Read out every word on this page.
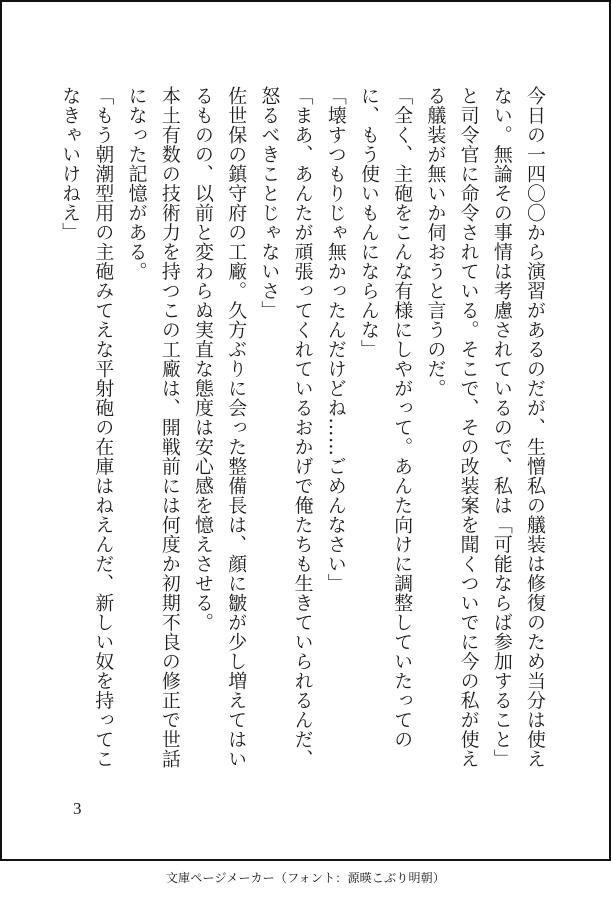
今日の一四〇〇から演習があるのだが、生憎私の艤装は修復のため当分は使えない。無論その事情は考慮されているので、私は「可能ならば参加すること」と司令官に命令されている。そこで、その改装案を聞くついでに今の私が使える艤装が無いか伺おうと言うのだ。

「全く、主砲をこんな有様にしやがって。あんた向けに調整していたってのに、もう使いもんにならんな」

「壊すつもりじゃ無かったんだけどね……ごめんなさい」

「まあ、あんたが頑張ってくれているおかげで俺たちも生きていられるんだ、怒るべきことじゃないさ」

佐世保の鎮守府の工廠。久方ぶりに会った整備長は、顔に皺が少し増えてはいるものの、以前と変わらぬ実直な態度は安心感を憶えさせる。

本土有数の技術力を持つこの工廠は、開戦前には何度か初期不良の修正で世話になった記憶がある。

「もう朝潮型用の主砲みてえな平射砲の在庫はねえんだ、新しい奴を持ってこなきゃいけねえ」

3
文庫ページメーカー（フォント：源暎こぶり明朝）
